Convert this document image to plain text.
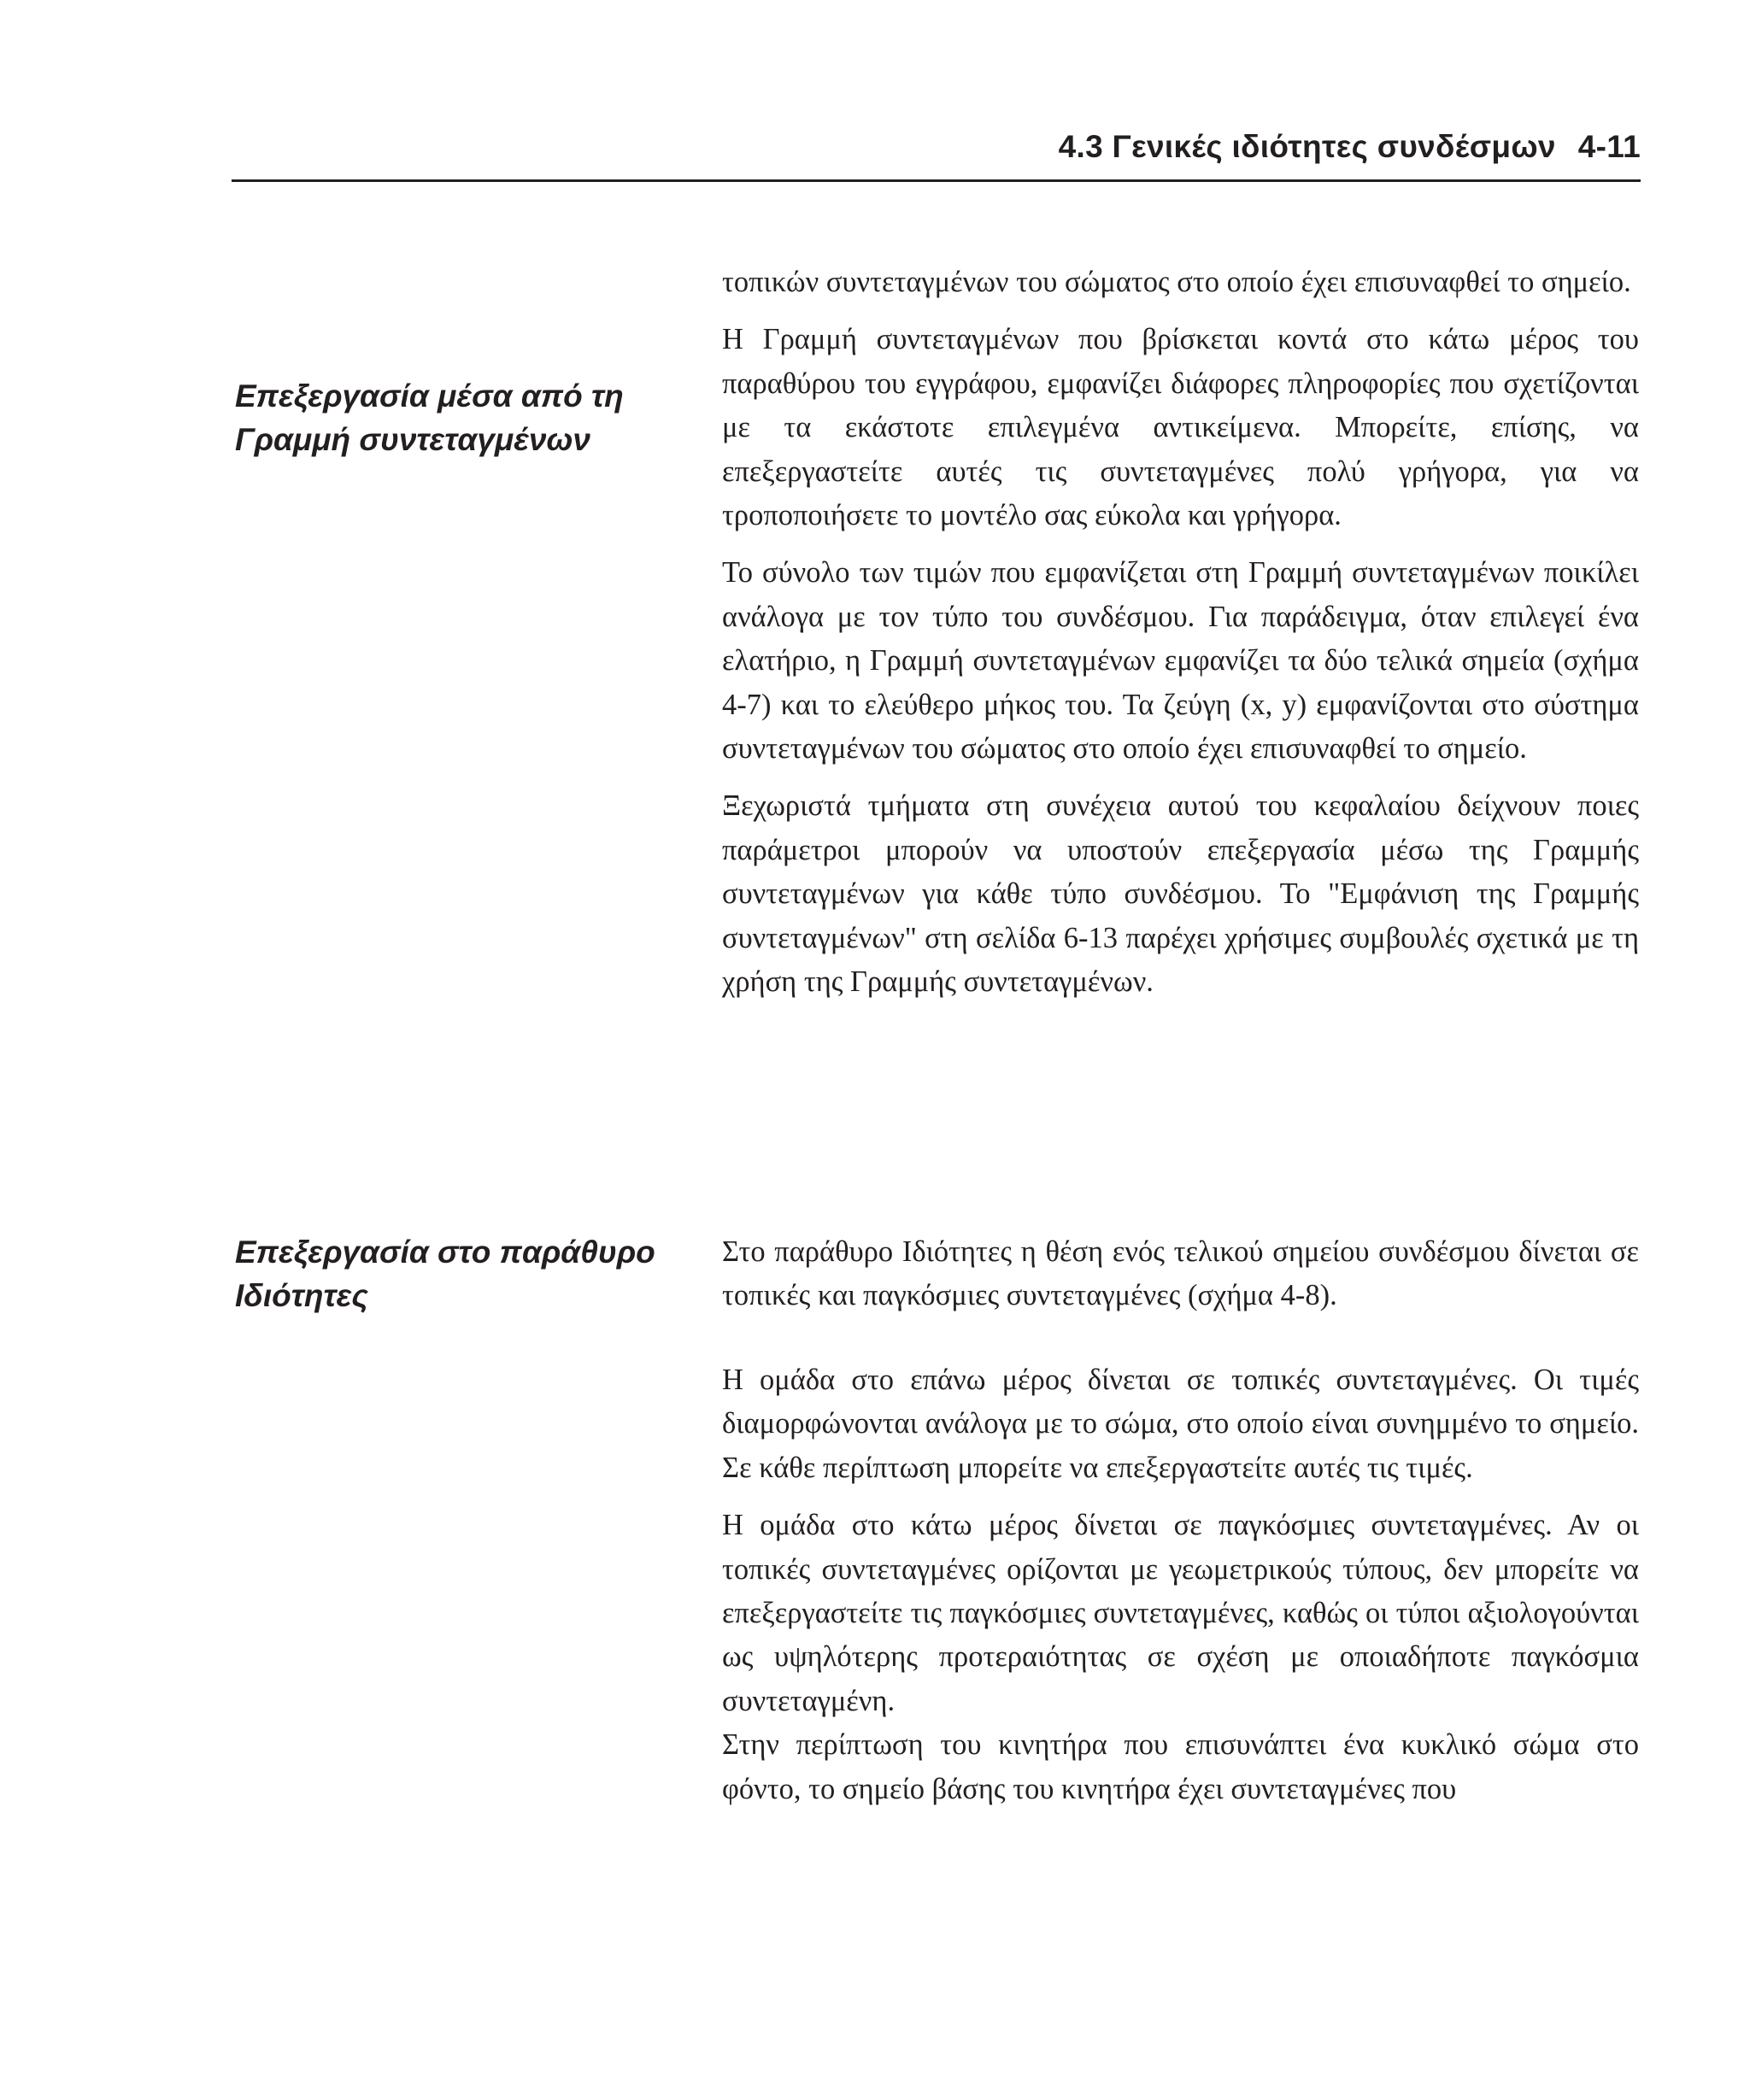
4.3 Γενικές ιδιότητες συνδέσμων 4-11
Επεξεργασία μέσα από τη
Γραμμή συντεταγμένων
Επεξεργασία στο παράθυρο
Ιδιότητες

τοπικών συντεταγμένων του σώματος στο οποίο έχει επισυναφθεί το σημείο.

Η Γραμμή συντεταγμένων που βρίσκεται κοντά στο κάτω μέρος του παραθύρου του εγγράφου, εμφανίζει διάφορες πληροφορίες που σχετίζονται με τα εκάστοτε επιλεγμένα αντικείμενα. Μπορείτε, επίσης, να επεξεργαστείτε αυτές τις συντεταγμένες πολύ γρήγορα, για να τροποποιήσετε το μοντέλο σας εύκολα και γρήγορα.

Το σύνολο των τιμών που εμφανίζεται στη Γραμμή συντεταγμένων ποικίλει ανάλογα με τον τύπο του συνδέσμου. Για παράδειγμα, όταν επιλεγεί ένα ελατήριο, η Γραμμή συντεταγμένων εμφανίζει τα δύο τελικά σημεία (σχήμα 4-7) και το ελεύθερο μήκος του. Τα ζεύγη (x, y) εμφανίζονται στο σύστημα συντεταγμένων του σώματος στο οποίο έχει επισυναφθεί το σημείο.

Ξεχωριστά τμήματα στη συνέχεια αυτού του κεφαλαίου δείχνουν ποιες παράμετροι μπορούν να υποστούν επεξεργασία μέσω της Γραμμής συντεταγμένων για κάθε τύπο συνδέσμου. Το "Εμφάνιση της Γραμμής συντεταγμένων" στη σελίδα 6-13 παρέχει χρήσιμες συμβουλές σχετικά με τη χρήση της Γραμμής συντεταγμένων.

Στο παράθυρο Ιδιότητες η θέση ενός τελικού σημείου συνδέσμου δίνεται σε τοπικές και παγκόσμιες συντεταγμένες (σχήμα 4-8).

Η ομάδα στο επάνω μέρος δίνεται σε τοπικές συντεταγμένες. Οι τιμές διαμορφώνονται ανάλογα με το σώμα, στο οποίο είναι συνημμένο το σημείο. Σε κάθε περίπτωση μπορείτε να επεξεργαστείτε αυτές τις τιμές.

Η ομάδα στο κάτω μέρος δίνεται σε παγκόσμιες συντεταγμένες. Αν οι τοπικές συντεταγμένες ορίζονται με γεωμετρικούς τύπους, δεν μπορείτε να επεξεργαστείτε τις παγκόσμιες συντεταγμένες, καθώς οι τύποι αξιολογούνται ως υψηλότερης προτεραιότητας σε σχέση με οποιαδήποτε παγκόσμια συντεταγμένη.

Στην περίπτωση του κινητήρα που επισυνάπτει ένα κυκλικό σώμα στο φόντο, το σημείο βάσης του κινητήρα έχει συντεταγμένες που
